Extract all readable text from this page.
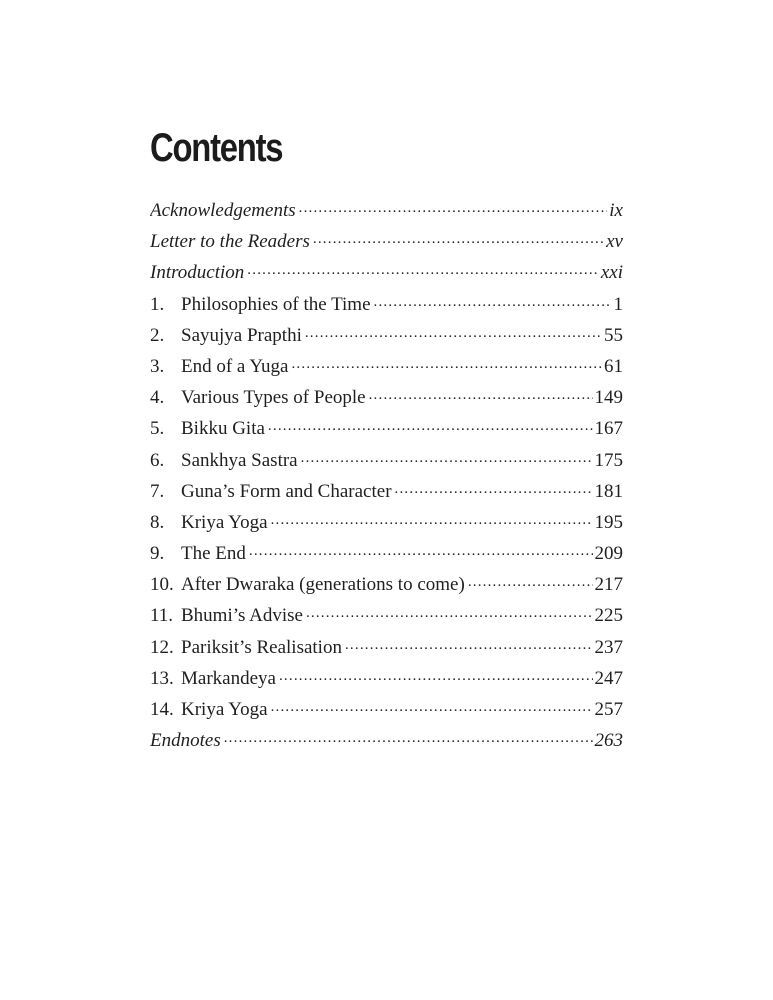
Contents
Acknowledgements .....	ix
Letter to the Readers .....	xv
Introduction .....	xxi
1. Philosophies of the Time .....	1
2. Sayujya Prapthi .....	55
3. End of a Yuga .....	61
4. Various Types of People .....	149
5. Bikku Gita .....	167
6. Sankhya Sastra .....	175
7. Guna’s Form and Character .....	181
8. Kriya Yoga .....	195
9. The End .....	209
10. After Dwaraka (generations to come) .....	217
11. Bhumi’s Advise .....	225
12. Pariksit’s Realisation .....	237
13. Markandeya .....	247
14. Kriya Yoga .....	257
Endnotes .....	263
